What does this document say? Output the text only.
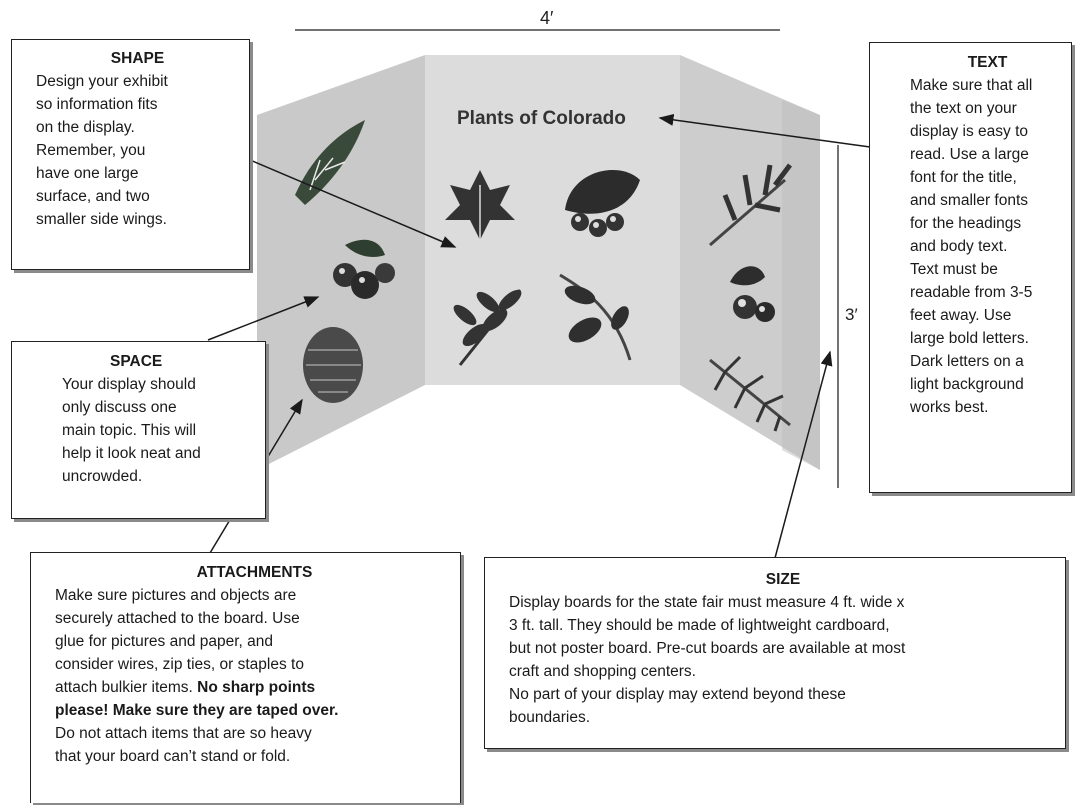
4′
Plants of Colorado
3′
SHAPE

Design your exhibit

so information fits

on the display.

Remember, you

have one large

surface, and two

smaller side wings.

SPACE

Your display should

only discuss one

main topic. This will

help it look neat and

uncrowded.

TEXT

Make sure that all

the text on your

display is easy to

read. Use a large

font for the title,

and smaller fonts

for the headings

and body text.

Text must be

readable from 3-5

feet away. Use

large bold letters.

Dark letters on a

light background

works best.

ATTACHMENTS

Make sure pictures and objects are

securely attached to the board. Use

glue for pictures and paper, and

consider wires, zip ties, or staples to

attach bulkier items. No sharp points

please! Make sure they are taped over.

Do not attach items that are so heavy

that your board can’t stand or fold.

SIZE

Display boards for the state fair must measure 4 ft. wide x

3 ft. tall. They should be made of lightweight cardboard,

but not poster board. Pre-cut boards are available at most

craft and shopping centers.

No part of your display may extend beyond these

boundaries.
